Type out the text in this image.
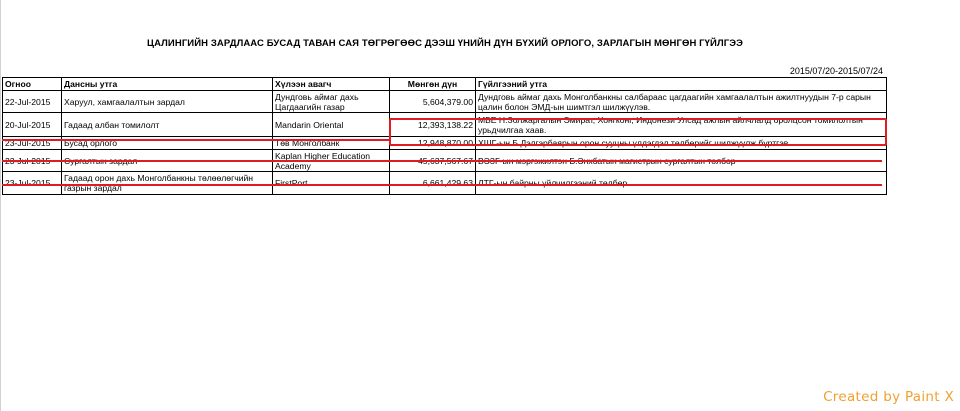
ЦАЛИНГИЙН ЗАРДЛААС БУСАД ТАВАН САЯ ТӨГРӨГӨӨС ДЭЭШ ҮНИЙН ДҮН БҮХИЙ ОРЛОГО, ЗАРЛАГЫН МӨНГӨН ГҮЙЛГЭЭ
2015/07/20-2015/07/24
Огноо	Дансны утга	Хүлээн авагч	Мөнгөн дүн	Гүйлгээний утга
22-Jul-2015	Харуул, хамгаалалтын зардал	Дундговь аймаг дахь Цагдаагийн газар	5,604,379.00	Дундговь аймаг дахь Монголбанкны салбараас цагдаагийн хамгаалалтын ажилтнуудын 7-р сарын цалин болон ЭМД-ын шимтгэл шилжүүлэв.
20-Jul-2015	Гадаад албан томилолт	Mandarin Oriental	12,393,138.22	МБЕ Н.Золжаргалын Эмират, Хонгконг, Индонези Улсад ажлын айлчлалд оролцсон томилолтын урьдчилгаа хаав.
23-Jul-2015	Бусад орлого	Төв Монголбанк	12,948,870.00	ХШГ-ын Б.Дэлгэрбаярын орон сууцны үлдэгдэл төлбөрийг шилжүүлж бүртгэв.
23-Jul-2015	Сургалтын зардал	Kaplan Higher Education Academy	45,637,567.67	ВЭЗГ-ын мэргэжилтэн Б.Энхбатын магистрын сургалтын төлбөр
23-Jul-2015	Гадаад орон дахь Монголбанкны төлөөлөгчийн газрын зардал	FirstPort	6,661,429.63	ЛТГ-ын байрны үйлчилгээний төлбөр
Created by Paint X
